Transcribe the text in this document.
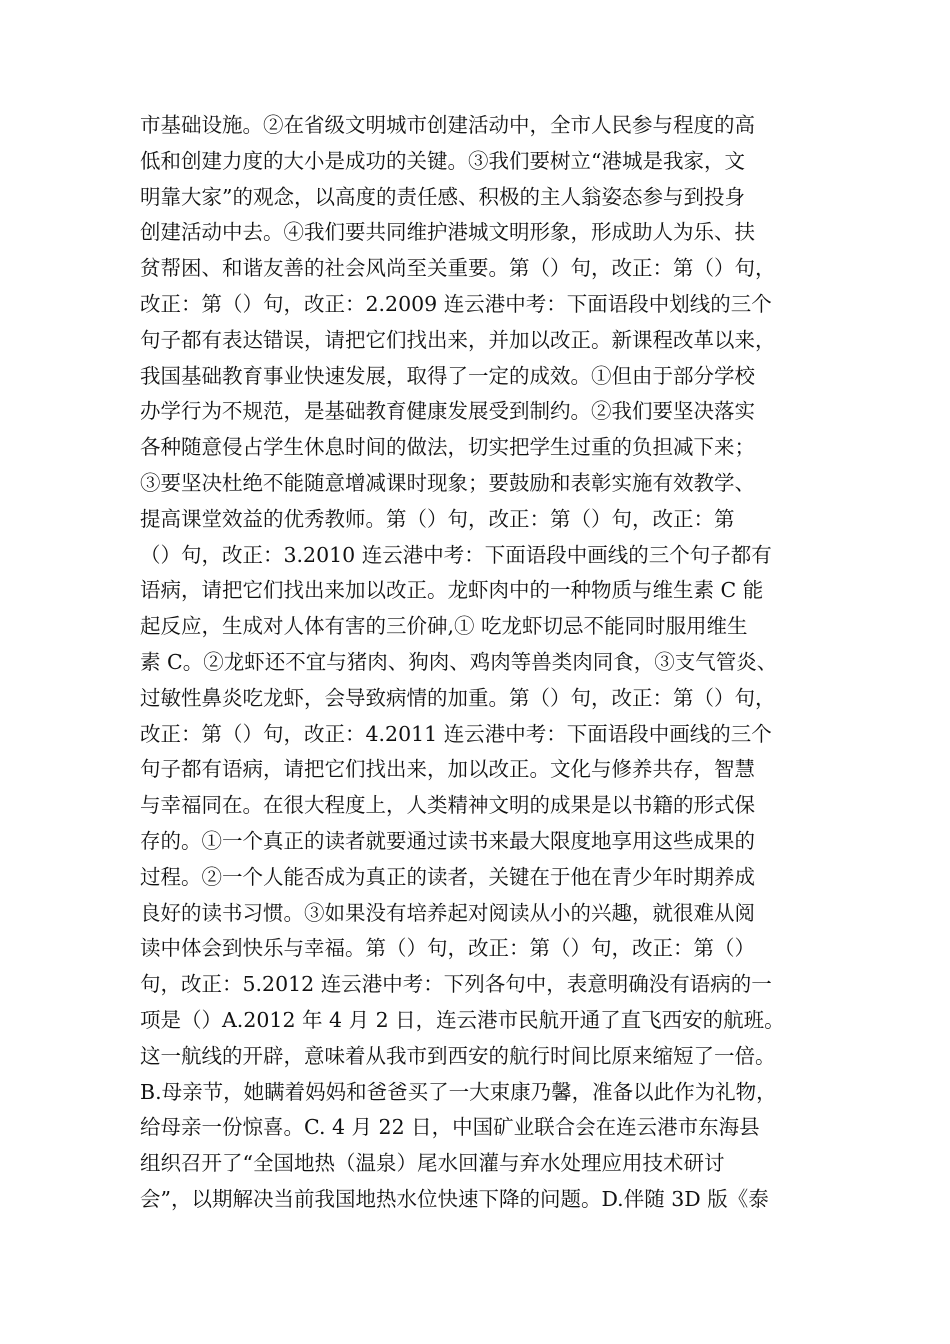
市基础设施。②在省级文明城市创建活动中，全市人民参与程度的高
低和创建力度的大小是成功的关键。③我们要树立“港城是我家，文
明靠大家”的观念，以高度的责任感、积极的主人翁姿态参与到投身
创建活动中去。④我们要共同维护港城文明形象，形成助人为乐、扶
贫帮困、和谐友善的社会风尚至关重要。第（）句，改正：第（）句，
改正：第（）句，改正：2.2009 连云港中考：下面语段中划线的三个
句子都有表达错误，请把它们找出来，并加以改正。新课程改革以来，
我国基础教育事业快速发展，取得了一定的成效。①但由于部分学校
办学行为不规范，是基础教育健康发展受到制约。②我们要坚决落实
各种随意侵占学生休息时间的做法，切实把学生过重的负担减下来；
③要坚决杜绝不能随意增减课时现象；要鼓励和表彰实施有效教学、
提高课堂效益的优秀教师。第（）句，改正：第（）句，改正：第
（）句，改正：3.2010 连云港中考：下面语段中画线的三个句子都有
语病，请把它们找出来加以改正。龙虾肉中的一种物质与维生素 C 能
起反应，生成对人体有害的三价砷,① 吃龙虾切忌不能同时服用维生
素 C。②龙虾还不宜与猪肉、狗肉、鸡肉等兽类肉同食，③支气管炎、
过敏性鼻炎吃龙虾，会导致病情的加重。第（）句，改正：第（）句，
改正：第（）句，改正：4.2011 连云港中考：下面语段中画线的三个
句子都有语病，请把它们找出来，加以改正。文化与修养共存，智慧
与幸福同在。在很大程度上，人类精神文明的成果是以书籍的形式保
存的。①一个真正的读者就要通过读书来最大限度地享用这些成果的
过程。②一个人能否成为真正的读者，关键在于他在青少年时期养成
良好的读书习惯。③如果没有培养起对阅读从小的兴趣，就很难从阅
读中体会到快乐与幸福。第（）句，改正：第（）句，改正：第（）
句，改正：5.2012 连云港中考：下列各句中，表意明确没有语病的一
项是（）A.2012 年 4 月 2 日，连云港市民航开通了直飞西安的航班。
这一航线的开辟，意味着从我市到西安的航行时间比原来缩短了一倍。
B.母亲节，她瞒着妈妈和爸爸买了一大束康乃馨，准备以此作为礼物，
给母亲一份惊喜。C. 4 月 22 日，中国矿业联合会在连云港市东海县
组织召开了“全国地热（温泉）尾水回灌与弃水处理应用技术研讨
会”，以期解决当前我国地热水位快速下降的问题。D.伴随 3D 版《泰
